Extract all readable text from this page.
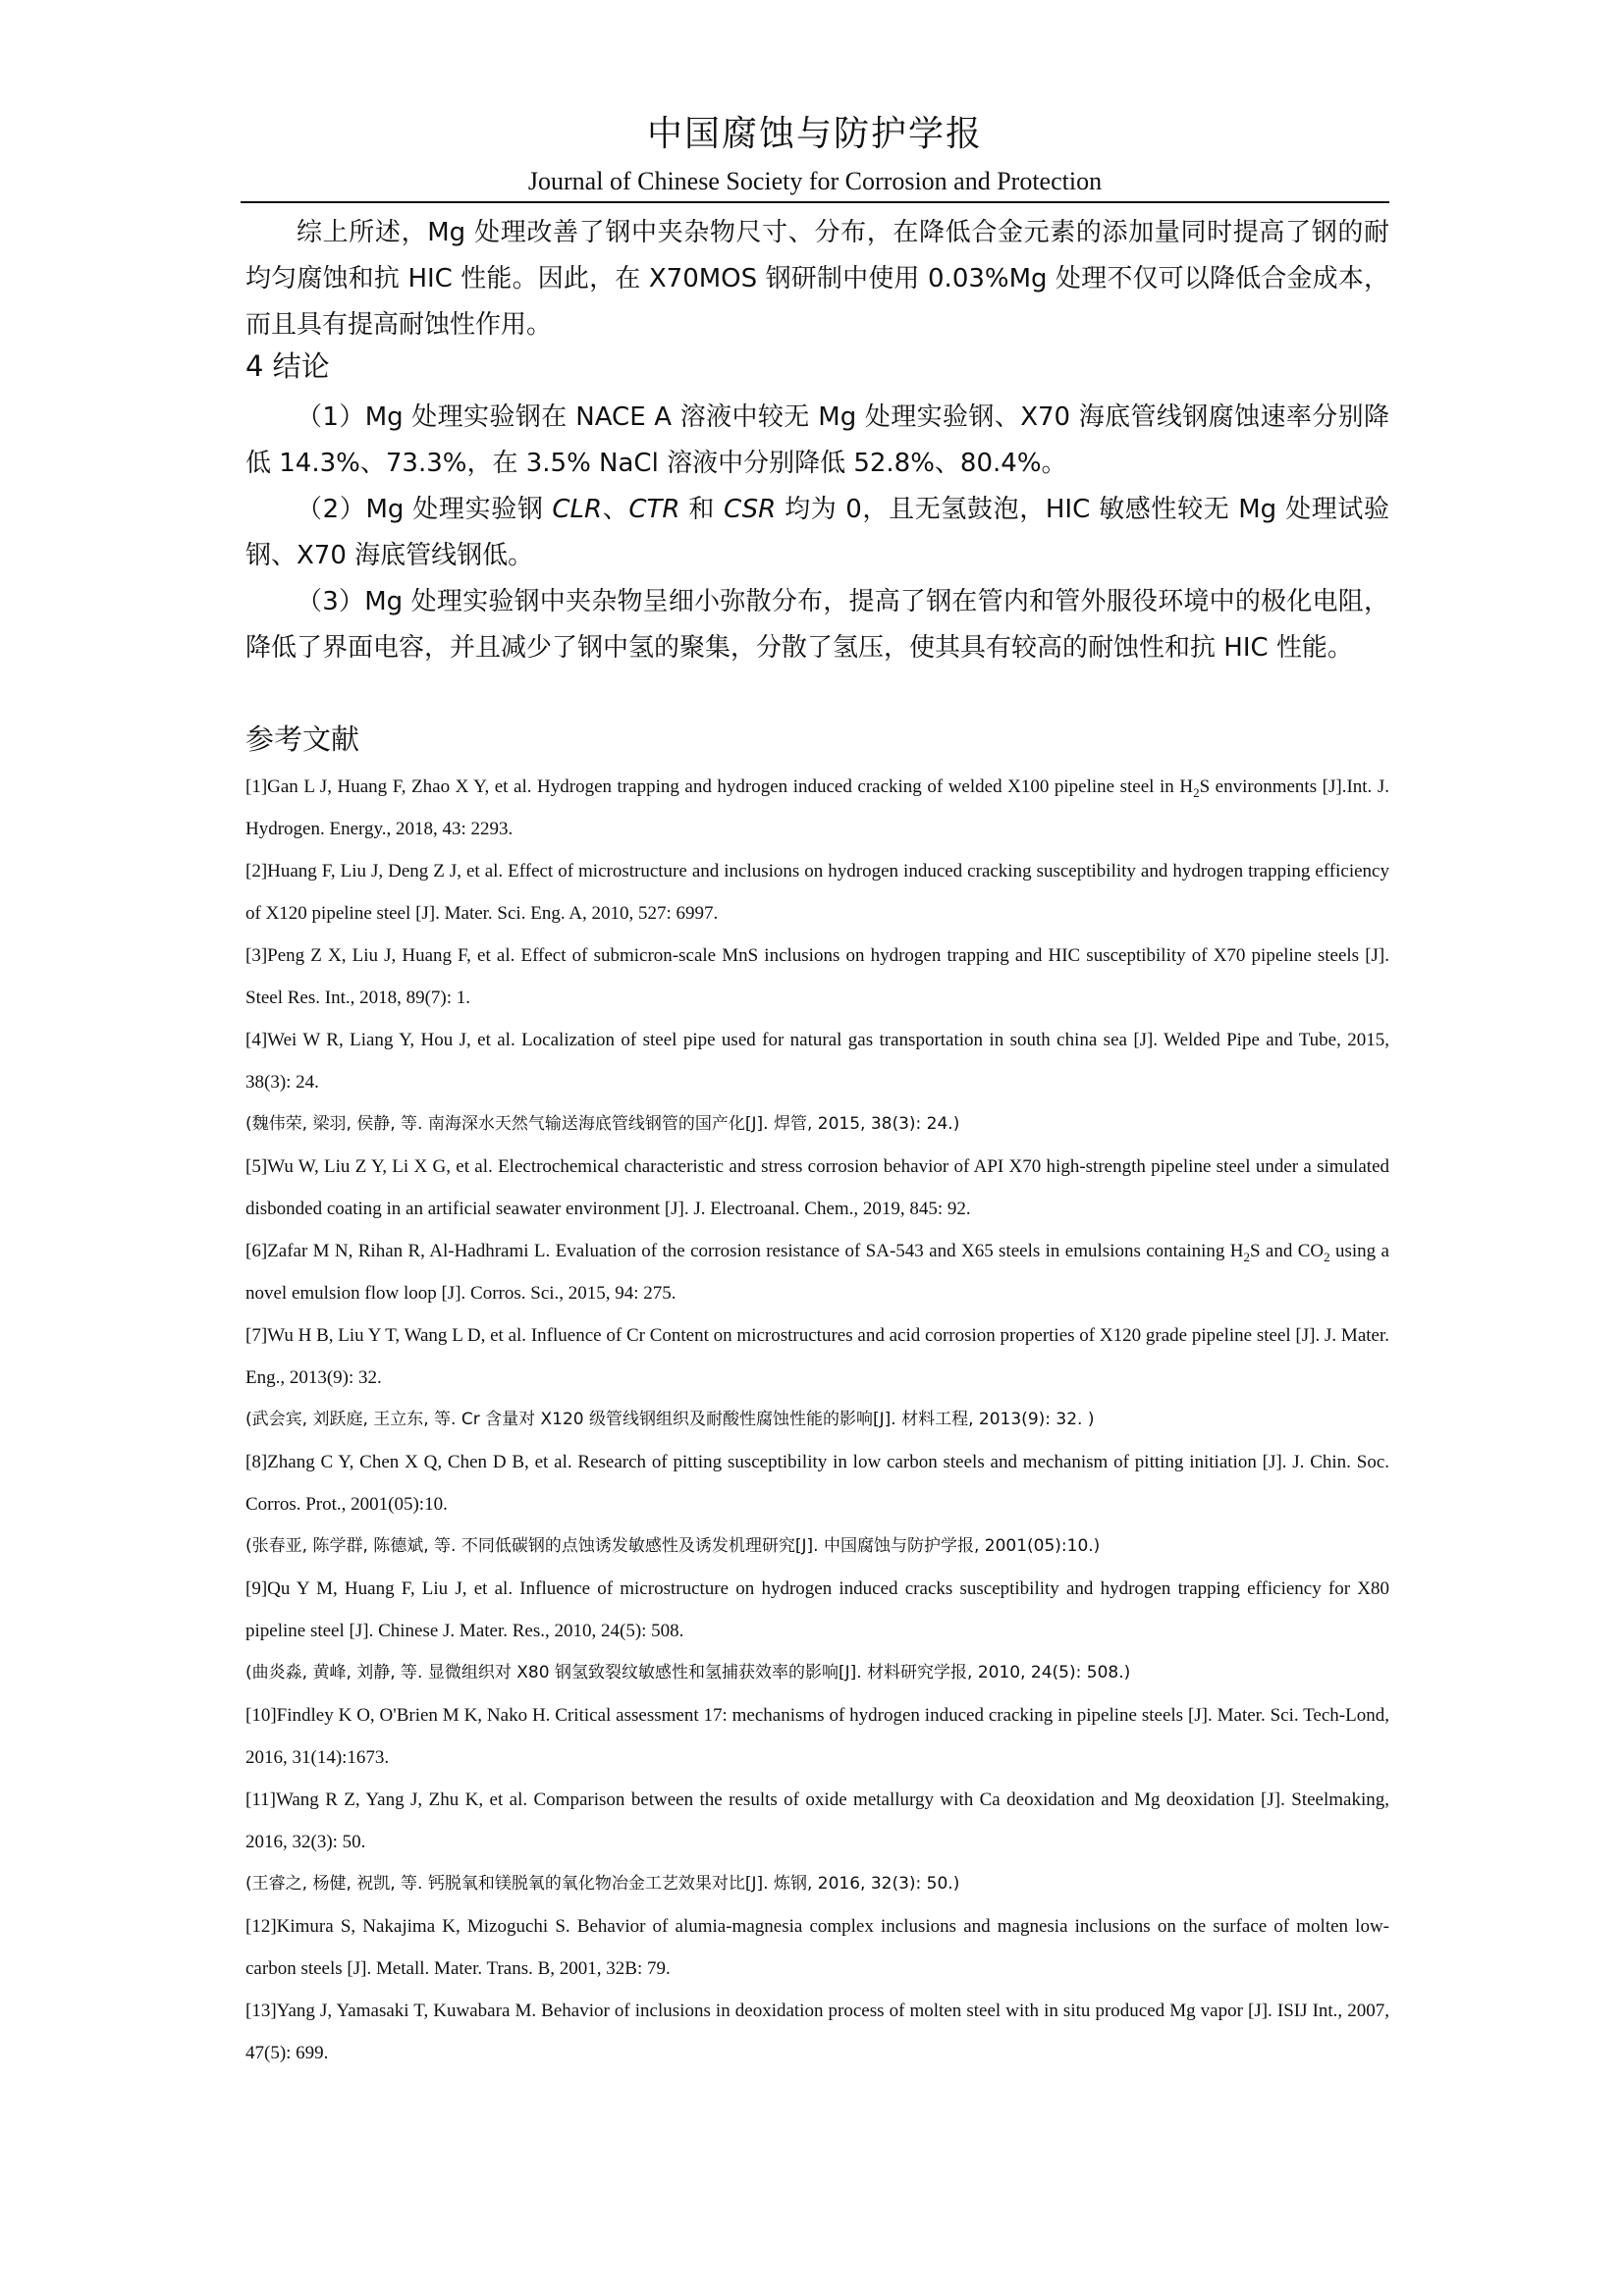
中国腐蚀与防护学报
Journal of Chinese Society for Corrosion and Protection

综上所述，Mg 处理改善了钢中夹杂物尺寸、分布，在降低合金元素的添加量同时提高了钢的耐均匀腐蚀和抗 HIC 性能。因此，在 X70MOS 钢研制中使用 0.03%Mg 处理不仅可以降低合金成本，而且具有提高耐蚀性作用。

4 结论

（1）Mg 处理实验钢在 NACE A 溶液中较无 Mg 处理实验钢、X70 海底管线钢腐蚀速率分别降低 14.3%、73.3%，在 3.5% NaCl 溶液中分别降低 52.8%、80.4%。

（2）Mg 处理实验钢 CLR、CTR 和 CSR 均为 0，且无氢鼓泡，HIC 敏感性较无 Mg 处理试验钢、X70 海底管线钢低。

（3）Mg 处理实验钢中夹杂物呈细小弥散分布，提高了钢在管内和管外服役环境中的极化电阻，降低了界面电容，并且减少了钢中氢的聚集，分散了氢压，使其具有较高的耐蚀性和抗 HIC 性能。

参考文献

[1]Gan L J, Huang F, Zhao X Y, et al. Hydrogen trapping and hydrogen induced cracking of welded X100 pipeline steel in $H_2S$ environments [J].Int. J. Hydrogen. Energy., 2018, 43: 2293.

[2]Huang F, Liu J, Deng Z J, et al. Effect of microstructure and inclusions on hydrogen induced cracking susceptibility and hydrogen trapping efficiency of X120 pipeline steel [J]. Mater. Sci. Eng. A, 2010, 527: 6997.

[3]Peng Z X, Liu J, Huang F, et al. Effect of submicron-scale MnS inclusions on hydrogen trapping and HIC susceptibility of X70 pipeline steels [J]. Steel Res. Int., 2018, 89(7): 1.

[4]Wei W R, Liang Y, Hou J, et al. Localization of steel pipe used for natural gas transportation in south china sea [J]. Welded Pipe and Tube, 2015, 38(3): 24.

(魏伟荣, 梁羽, 侯静, 等. 南海深水天然气输送海底管线钢管的国产化[J]. 焊管, 2015, 38(3): 24.)

[5]Wu W, Liu Z Y, Li X G, et al. Electrochemical characteristic and stress corrosion behavior of API X70 high-strength pipeline steel under a simulated disbonded coating in an artificial seawater environment [J]. J. Electroanal. Chem., 2019, 845: 92.

[6]Zafar M N, Rihan R, Al-Hadhrami L. Evaluation of the corrosion resistance of SA-543 and X65 steels in emulsions containing $H_2S$ and $CO_2$ using a novel emulsion flow loop [J]. Corros. Sci., 2015, 94: 275.

[7]Wu H B, Liu Y T, Wang L D, et al. Influence of Cr Content on microstructures and acid corrosion properties of X120 grade pipeline steel [J]. J. Mater. Eng., 2013(9): 32.

(武会宾, 刘跃庭, 王立东, 等. Cr 含量对 X120 级管线钢组织及耐酸性腐蚀性能的影响[J]. 材料工程, 2013(9): 32. )

[8]Zhang C Y, Chen X Q, Chen D B, et al. Research of pitting susceptibility in low carbon steels and mechanism of pitting initiation [J]. J. Chin. Soc. Corros. Prot., 2001(05):10.

(张春亚, 陈学群, 陈德斌, 等. 不同低碳钢的点蚀诱发敏感性及诱发机理研究[J]. 中国腐蚀与防护学报, 2001(05):10.)

[9]Qu Y M, Huang F, Liu J, et al. Influence of microstructure on hydrogen induced cracks susceptibility and hydrogen trapping efficiency for X80 pipeline steel [J]. Chinese J. Mater. Res., 2010, 24(5): 508.

(曲炎淼, 黄峰, 刘静, 等. 显微组织对 X80 钢氢致裂纹敏感性和氢捕获效率的影响[J]. 材料研究学报, 2010, 24(5): 508.)

[10]Findley K O, O'Brien M K, Nako H. Critical assessment 17: mechanisms of hydrogen induced cracking in pipeline steels [J]. Mater. Sci. Tech-Lond, 2016, 31(14):1673.

[11]Wang R Z, Yang J, Zhu K, et al. Comparison between the results of oxide metallurgy with Ca deoxidation and Mg deoxidation [J]. Steelmaking, 2016, 32(3): 50.

(王睿之, 杨健, 祝凯, 等. 钙脱氧和镁脱氧的氧化物冶金工艺效果对比[J]. 炼钢, 2016, 32(3): 50.)

[12]Kimura S, Nakajima K, Mizoguchi S. Behavior of alumia-magnesia complex inclusions and magnesia inclusions on the surface of molten low-carbon steels [J]. Metall. Mater. Trans. B, 2001, 32B: 79.

[13]Yang J, Yamasaki T, Kuwabara M. Behavior of inclusions in deoxidation process of molten steel with in situ produced Mg vapor [J]. ISIJ Int., 2007, 47(5): 699.
